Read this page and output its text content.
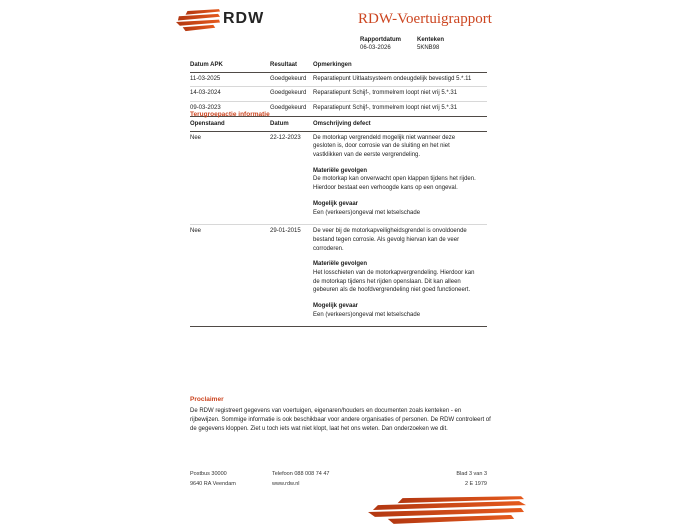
RDW	RDW-Voertuigrapport
Rapportdatum
06-03-2026
Kenteken
5KNB98
Datum APK	Resultaat	Opmerkingen
11-03-2025	Goedgekeurd	Reparatiepunt Uitlaatsysteem ondeugdelijk bevestigd 5.*.11
14-03-2024	Goedgekeurd	Reparatiepunt Schijf-, trommelrem loopt niet vrij 5.*.31
09-03-2023	Goedgekeurd	Reparatiepunt Schijf-, trommelrem loopt niet vrij 5.*.31
Terugroepactie informatie
Openstaand	Datum	Omschrijving defect
Nee	22-12-2023	De motorkap vergrendeld mogelijk niet wanneer deze gesloten is, door corrosie van de sluiting en het niet vastklikken van de eerste vergrendeling.
Materiële gevolgen
De motorkap kan onverwacht open klappen tijdens het rijden. Hierdoor bestaat een verhoogde kans op een ongeval.
Mogelijk gevaar
Een (verkeers)ongeval met letselschade
Nee	29-01-2015	De veer bij de motorkapveiligheidsgrendel is onvoldoende bestand tegen corrosie. Als gevolg hiervan kan de veer corroderen.
Materiële gevolgen
Het losschieten van de motorkapvergrendeling. Hierdoor kan de motorkap tijdens het rijden openslaan. Dit kan alleen gebeuren als de hoofdvergrendeling niet goed functioneert.
Mogelijk gevaar
Een (verkeers)ongeval met letselschade
Proclaimer

De RDW registreert gegevens van voertuigen, eigenaren/houders en documenten zoals kenteken - en rijbewijzen. Sommige informatie is ook beschikbaar voor andere organisaties of personen. De RDW controleert of de gegevens kloppen. Ziet u toch iets wat niet klopt, laat het ons weten. Dan onderzoeken we dit.

Postbus 30000
9640 RA Veendam
Telefoon 088 008 74 47
www.rdw.nl
Blad 3 van 3
2 E 1979
